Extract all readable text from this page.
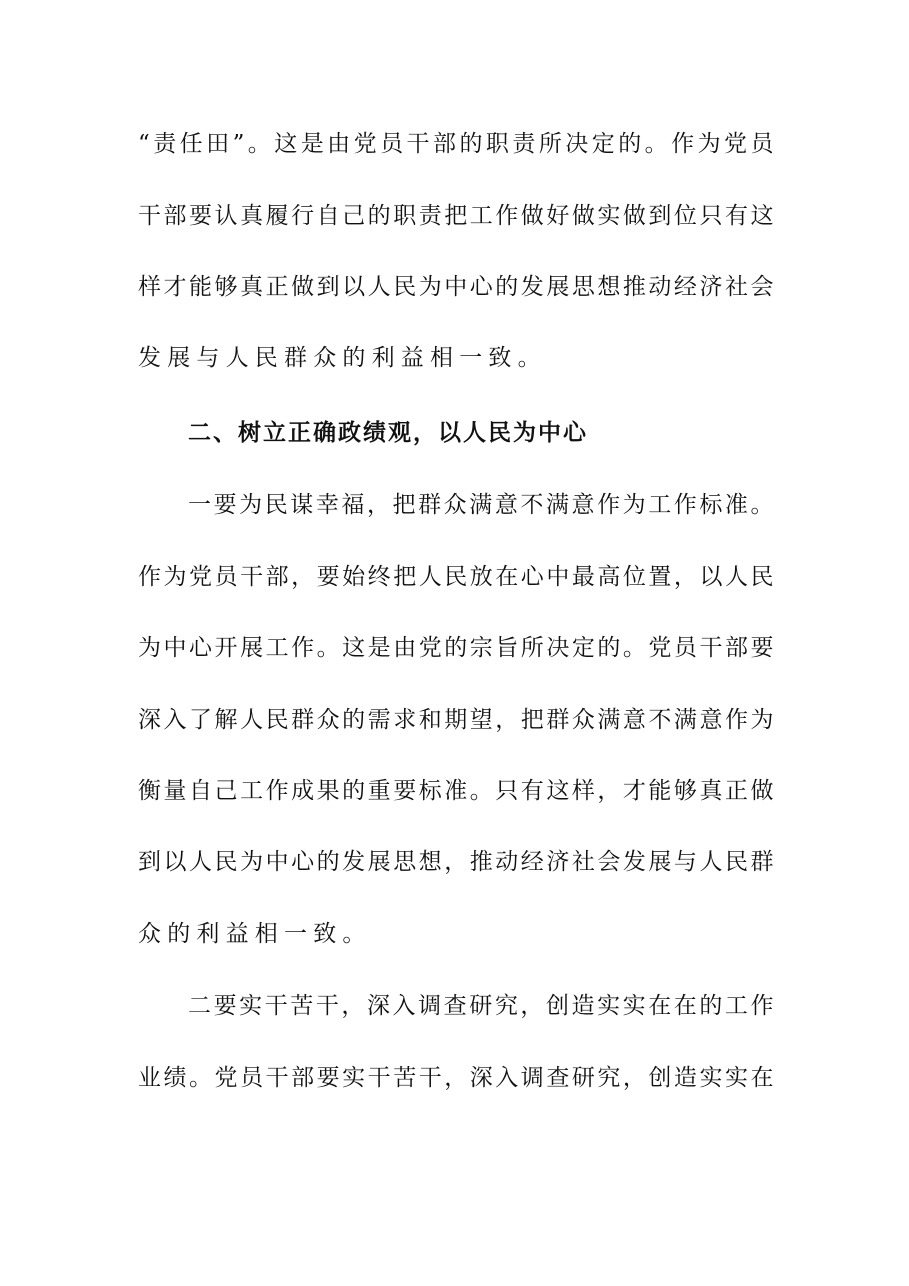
“责任田”。这是由党员干部的职责所决定的。作为党员
干部要认真履行自己的职责把工作做好做实做到位只有这
样才能够真正做到以人民为中心的发展思想推动经济社会
发展与人民群众的利益相一致。
二、树立正确政绩观，以人民为中心
一要为民谋幸福，把群众满意不满意作为工作标准。
作为党员干部，要始终把人民放在心中最高位置，以人民
为中心开展工作。这是由党的宗旨所决定的。党员干部要
深入了解人民群众的需求和期望，把群众满意不满意作为
衡量自己工作成果的重要标准。只有这样，才能够真正做
到以人民为中心的发展思想，推动经济社会发展与人民群
众的利益相一致。
二要实干苦干，深入调查研究，创造实实在在的工作
业绩。党员干部要实干苦干，深入调查研究，创造实实在
